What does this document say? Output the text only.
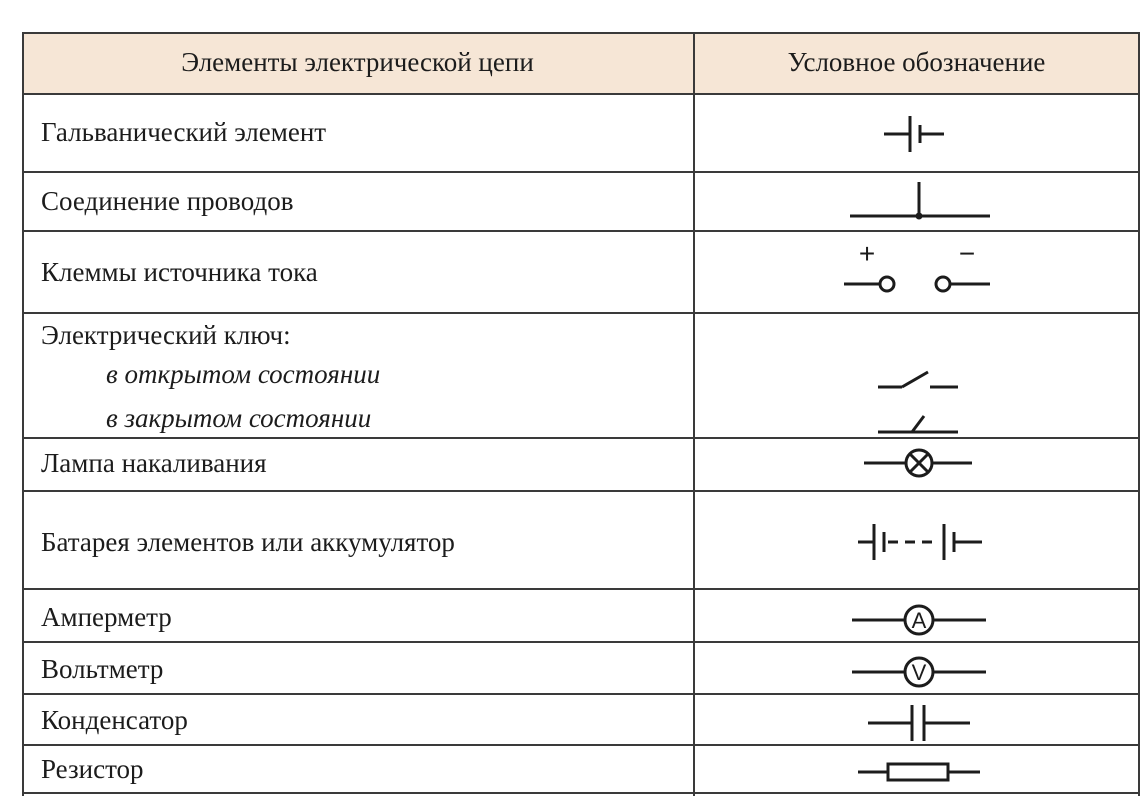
Элементы электрической цепи	Условное обозначение
Гальванический элемент
Соединение проводов
Клеммы источника тока
Электрический ключ:
в открытом состоянии
в закрытом состоянии
Лампа накаливания
Батарея элементов или аккумулятор
Амперметр
Вольтметр
Конденсатор
Резистор
+	−
A
V
